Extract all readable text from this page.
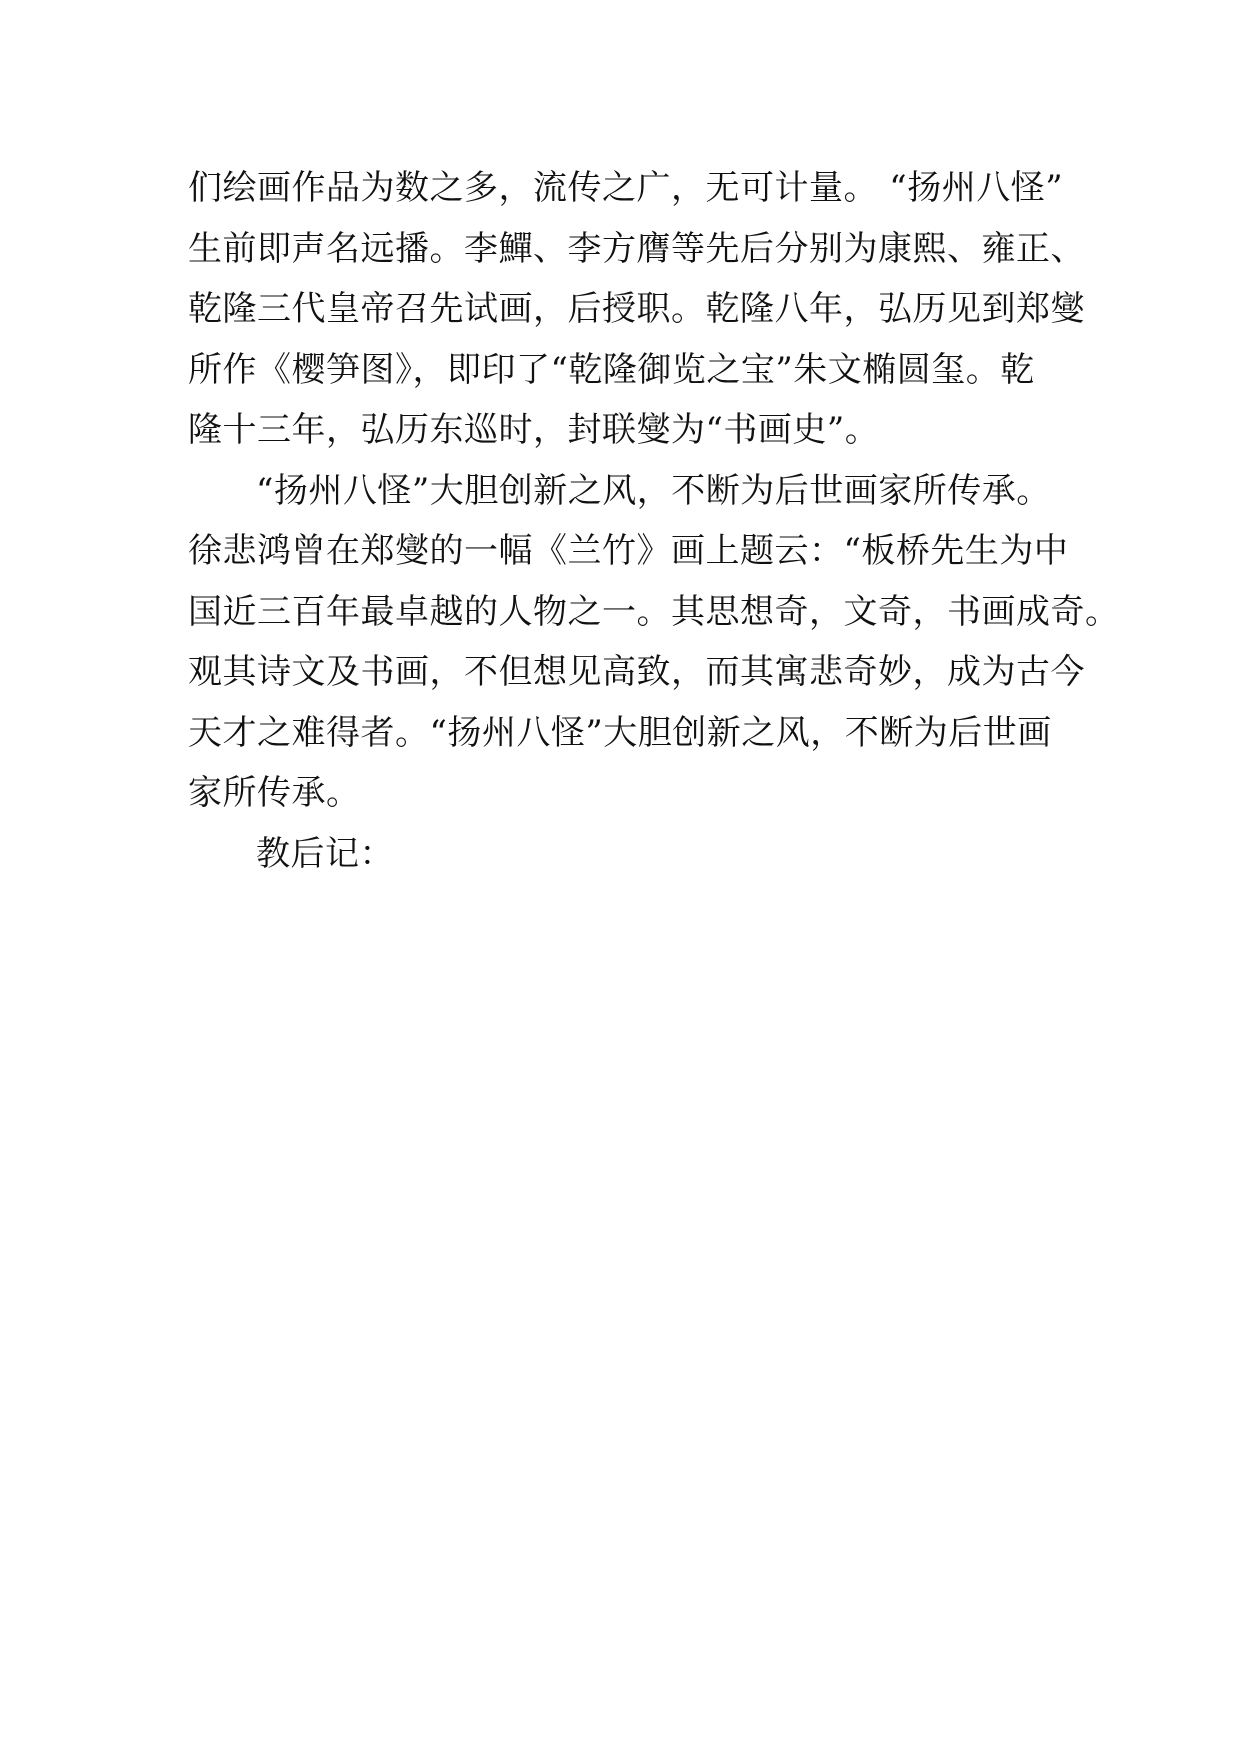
们绘画作品为数之多，流传之广，无可计量。 “扬州八怪”
生前即声名远播。李鱓、李方膺等先后分别为康熙、雍正、
乾隆三代皇帝召先试画，后授职。乾隆八年，弘历见到郑燮
所作《樱笋图》，即印了“乾隆御览之宝”朱文椭圆玺。乾
隆十三年，弘历东巡时，封联燮为“书画史”。
“扬州八怪”大胆创新之风，不断为后世画家所传承。
徐悲鸿曾在郑燮的一幅《兰竹》画上题云：“板桥先生为中
国近三百年最卓越的人物之一。其思想奇，文奇，书画成奇。
观其诗文及书画，不但想见高致，而其寓悲奇妙，成为古今
天才之难得者。“扬州八怪”大胆创新之风，不断为后世画
家所传承。
教后记：
